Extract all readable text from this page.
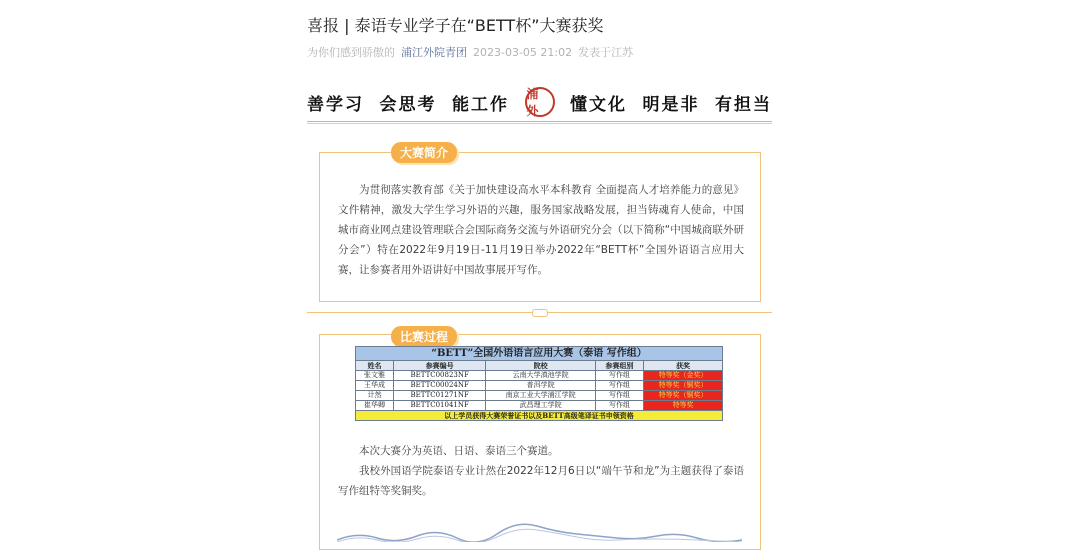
喜报 | 泰语专业学子在“BETT杯”大赛获奖
为你们感到骄傲的 浦江外院青团 2023-03-05 21:02 发表于江苏
善学习 会思考 能工作
浦外	懂文化 明是非 有担当
大赛简介
为贯彻落实教育部《关于加快建设高水平本科教育 全面提高人才培养能力的意见》文件精神，激发大学生学习外语的兴趣，服务国家战略发展，担当铸魂育人使命，中国城市商业网点建设管理联合会国际商务交流与外语研究分会（以下简称“中国城商联外研分会”）特在2022年9月19日-11月19日举办2022年“BETT杯”全国外语语言应用大赛，让参赛者用外语讲好中国故事展开写作。
比赛过程
“BETT”全国外语语言应用大赛（泰语 写作组）				
姓名	参赛编号	院校	参赛组别	获奖
张文雅	BETTC00823NF	云南大学滇池学院	写作组	特等奖（金奖）
王华成	BETTC00024NF	普洱学院	写作组	特等奖（铜奖）
计然	BETTC01271NF	南京工业大学浦江学院	写作组	特等奖（铜奖）
崔华卿	BETTC01041NF	武昌理工学院	写作组	特等奖
以上学员获得大赛荣誉证书以及BETT高级笔译证书申领资格				
本次大赛分为英语、日语、泰语三个赛道。
我校外国语学院泰语专业计然在2022年12月6日以“端午节和龙”为主题获得了泰语写作组特等奖铜奖。
